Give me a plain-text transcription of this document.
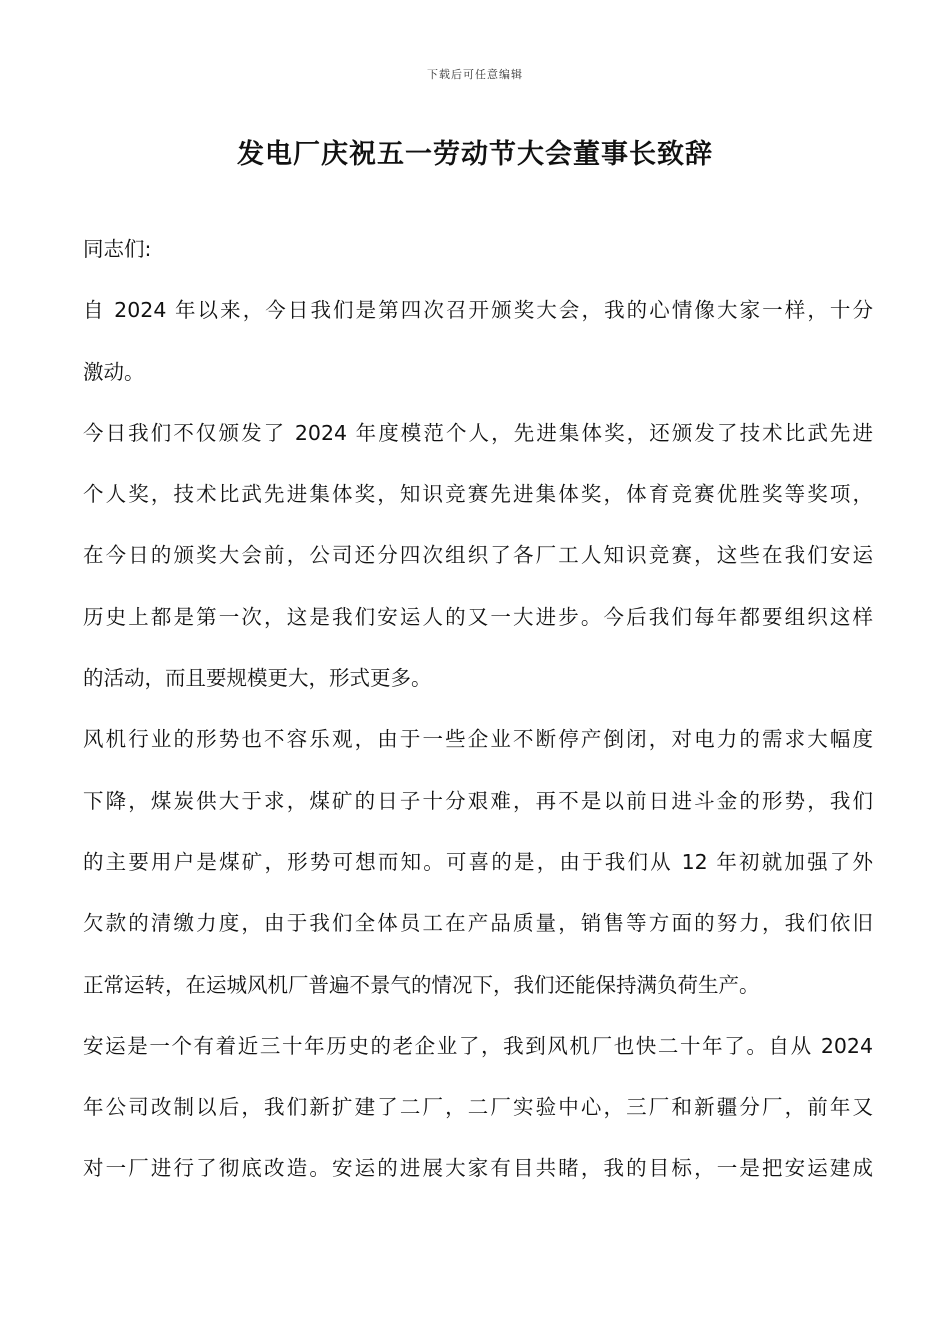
下载后可任意编辑
发电厂庆祝五一劳动节大会董事长致辞

同志们:

自 2024 年以来，今日我们是第四次召开颁奖大会，我的心情像大家一样，十分
激动。

今日我们不仅颁发了 2024 年度模范个人，先进集体奖，还颁发了技术比武先进
个人奖，技术比武先进集体奖，知识竞赛先进集体奖，体育竞赛优胜奖等奖项，
在今日的颁奖大会前，公司还分四次组织了各厂工人知识竞赛，这些在我们安运
历史上都是第一次，这是我们安运人的又一大进步。今后我们每年都要组织这样
的活动，而且要规模更大，形式更多。

风机行业的形势也不容乐观，由于一些企业不断停产倒闭，对电力的需求大幅度
下降，煤炭供大于求，煤矿的日子十分艰难，再不是以前日进斗金的形势，我们
的主要用户是煤矿，形势可想而知。可喜的是，由于我们从 12 年初就加强了外
欠款的清缴力度，由于我们全体员工在产品质量，销售等方面的努力，我们依旧
正常运转，在运城风机厂普遍不景气的情况下，我们还能保持满负荷生产。

安运是一个有着近三十年历史的老企业了，我到风机厂也快二十年了。自从 2024
年公司改制以后，我们新扩建了二厂，二厂实验中心，三厂和新疆分厂，前年又
对一厂进行了彻底改造。安运的进展大家有目共睹，我的目标，一是把安运建成
